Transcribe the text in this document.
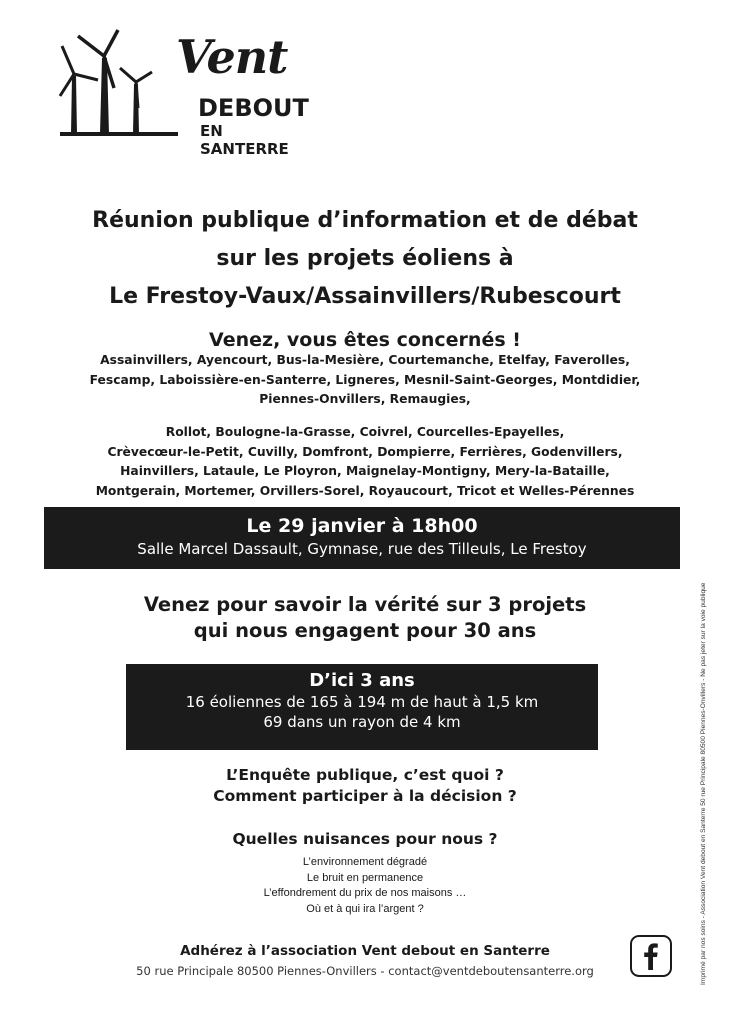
Vent
DEBOUT
EN SANTERRE
Réunion publique d’information et de débat
sur les projets éoliens à
Le Frestoy-Vaux/Assainvillers/Rubescourt
Venez, vous êtes concernés !
Assainvillers, Ayencourt, Bus-la-Mesière, Courtemanche, Etelfay, Faverolles,
Fescamp, Laboissière-en-Santerre, Ligneres, Mesnil-Saint-Georges, Montdidier,
Piennes-Onvillers, Remaugies,
Rollot, Boulogne-la-Grasse, Coivrel, Courcelles-Epayelles,
Crèvecœur-le-Petit, Cuvilly, Domfront, Dompierre, Ferrières, Godenvillers,
Hainvillers, Lataule, Le Ployron, Maignelay-Montigny, Mery-la-Bataille,
Montgerain, Mortemer, Orvillers-Sorel, Royaucourt, Tricot et Welles-Pérennes
Le 29 janvier à 18h00
Salle Marcel Dassault, Gymnase, rue des Tilleuls, Le Frestoy
Venez pour savoir la vérité sur 3 projets
qui nous engagent pour 30 ans
D’ici 3 ans
16 éoliennes de 165 à 194 m de haut à 1,5 km
69 dans un rayon de 4 km
L’Enquête publique, c’est quoi ?
Comment participer à la décision ?
Quelles nuisances pour nous ?
L’environnement dégradé
Le bruit en permanence
L’effondrement du prix de nos maisons …
Où et à qui ira l’argent ?
Adhérez à l’association Vent debout en Santerre
50 rue Principale 80500 Piennes-Onvillers - contact@ventdeboutensanterre.org	Imprimé par nos soins - Association Vent debout en Santerre 50 rue Principale 80500 Piennes-Onvillers - Ne pas jeter sur la voie publique
